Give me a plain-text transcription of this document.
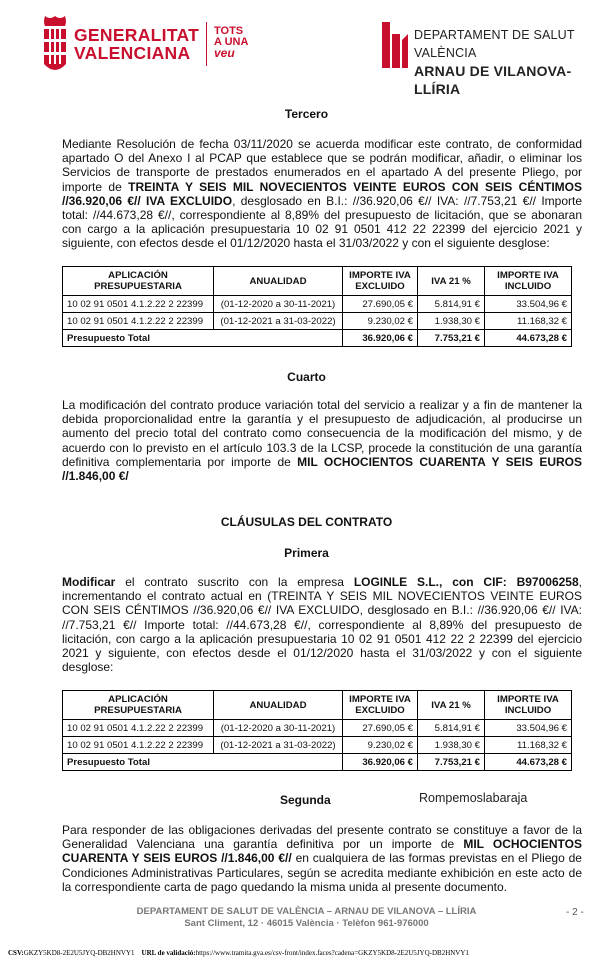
GENERALITAT
VALENCIANA
TOTS
A UNA
veu
DEPARTAMENT DE SALUT VALÈNCIA
ARNAU DE VILANOVA-LLÍRIA
Tercero
Mediante Resolución de fecha 03/11/2020 se acuerda modificar este contrato, de conformidad apartado O del Anexo I al PCAP que establece que se podrán modificar, añadir, o eliminar los Servicios de transporte de prestados enumerados en el apartado A del presente Pliego, por importe de TREINTA Y SEIS MIL NOVECIENTOS VEINTE EUROS CON SEIS CÉNTIMOS //36.920,06 €// IVA EXCLUIDO, desglosado en B.I.: //36.920,06 €// IVA: //7.753,21 €// Importe total: //44.673,28 €//, correspondiente al 8,89% del presupuesto de licitación, que se abonaran con cargo a la aplicación presupuestaria 10 02 91 0501 412 22 22399 del ejercicio 2021 y siguiente, con efectos desde el 01/12/2020 hasta el 31/03/2022 y con el siguiente desglose:
APLICACIÓN PRESUPUESTARIA	ANUALIDAD	IMPORTE IVA EXCLUIDO	IVA 21 %	IMPORTE IVA INCLUIDO
10 02 91 0501 4.1.2.22 2 22399	(01-12-2020 a 30-11-2021)	27.690,05 €	5.814,91 €	33.504,96 €
10 02 91 0501 4.1.2.22 2 22399	(01-12-2021 a 31-03-2022)	9.230,02 €	1.938,30 €	11.168,32 €
Presupuesto Total		36.920,06 €	7.753,21 €	44.673,28 €
Cuarto
La modificación del contrato produce variación total del servicio a realizar y a fin de mantener la debida proporcionalidad entre la garantía y el presupuesto de adjudicación, al producirse un aumento del precio total del contrato como consecuencia de la modificación del mismo, y de acuerdo con lo previsto en el artículo 103.3 de la LCSP, procede la constitución de una garantía definitiva complementaria por importe de MIL OCHOCIENTOS CUARENTA Y SEIS EUROS //1.846,00 €/
CLÁUSULAS DEL CONTRATO
Primera
Modificar el contrato suscrito con la empresa LOGINLE S.L., con CIF: B97006258, incrementando el contrato actual en (TREINTA Y SEIS MIL NOVECIENTOS VEINTE EUROS CON SEIS CÉNTIMOS //36.920,06 €// IVA EXCLUIDO, desglosado en B.I.: //36.920,06 €// IVA: //7.753,21 €// Importe total: //44.673,28 €//, correspondiente al 8,89% del presupuesto de licitación, con cargo a la aplicación presupuestaria 10 02 91 0501 412 22 2 22399 del ejercicio 2021 y siguiente, con efectos desde el 01/12/2020 hasta el 31/03/2022 y con el siguiente desglose:
APLICACIÓN PRESUPUESTARIA	ANUALIDAD	IMPORTE IVA EXCLUIDO	IVA 21 %	IMPORTE IVA INCLUIDO
10 02 91 0501 4.1.2.22 2 22399	(01-12-2020 a 30-11-2021)	27.690,05 €	5.814,91 €	33.504,96 €
10 02 91 0501 4.1.2.22 2 22399	(01-12-2021 a 31-03-2022)	9.230,02 €	1.938,30 €	11.168,32 €
Presupuesto Total		36.920,06 €	7.753,21 €	44.673,28 €
Segunda	Rompemoslabaraja
Para responder de las obligaciones derivadas del presente contrato se constituye a favor de la Generalidad Valenciana una garantía definitiva por un importe de MIL OCHOCIENTOS CUARENTA Y SEIS EUROS //1.846,00 €// en cualquiera de las formas previstas en el Pliego de Condiciones Administrativas Particulares, según se acredita mediante exhibición en este acto de la correspondiente carta de pago quedando la misma unida al presente documento.
DEPARTAMENT DE SALUT DE VALÈNCIA – ARNAU DE VILANOVA – LLÍRIA
Sant Climent, 12 · 46015 València · Telèfon 961-976000
- 2 -
CSV:GKZY5KD8-2E2U5JYQ-DB2HNVY1 URL de validació:https://www.tramita.gva.es/csv-front/index.faces?cadena=GKZY5KD8-2E2U5JYQ-DB2HNVY1
